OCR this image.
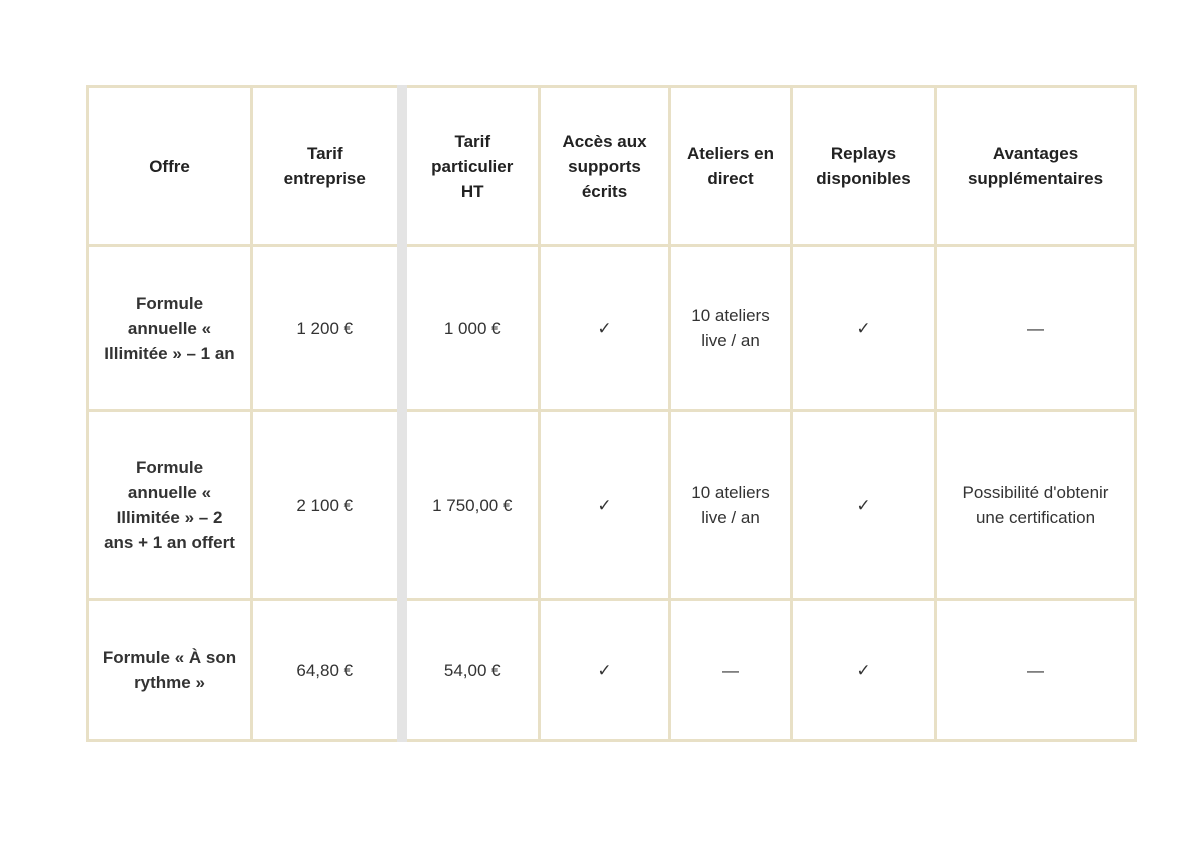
Offre	Tarif entreprise	Tarif particulier HT	Accès aux supports écrits	Ateliers en direct	Replays disponibles	Avantages supplémentaires
Formule annuelle « Illimitée » – 1 an	1 200 €	1 000 €	✓	10 ateliers live / an	✓	—
Formule annuelle « Illimitée » – 2 ans + 1 an offert	2 100 €	1 750,00 €	✓	10 ateliers live / an	✓	Possibilité d'obtenir une certification
Formule « À son rythme »	64,80 €	54,00 €	✓	—	✓	—
